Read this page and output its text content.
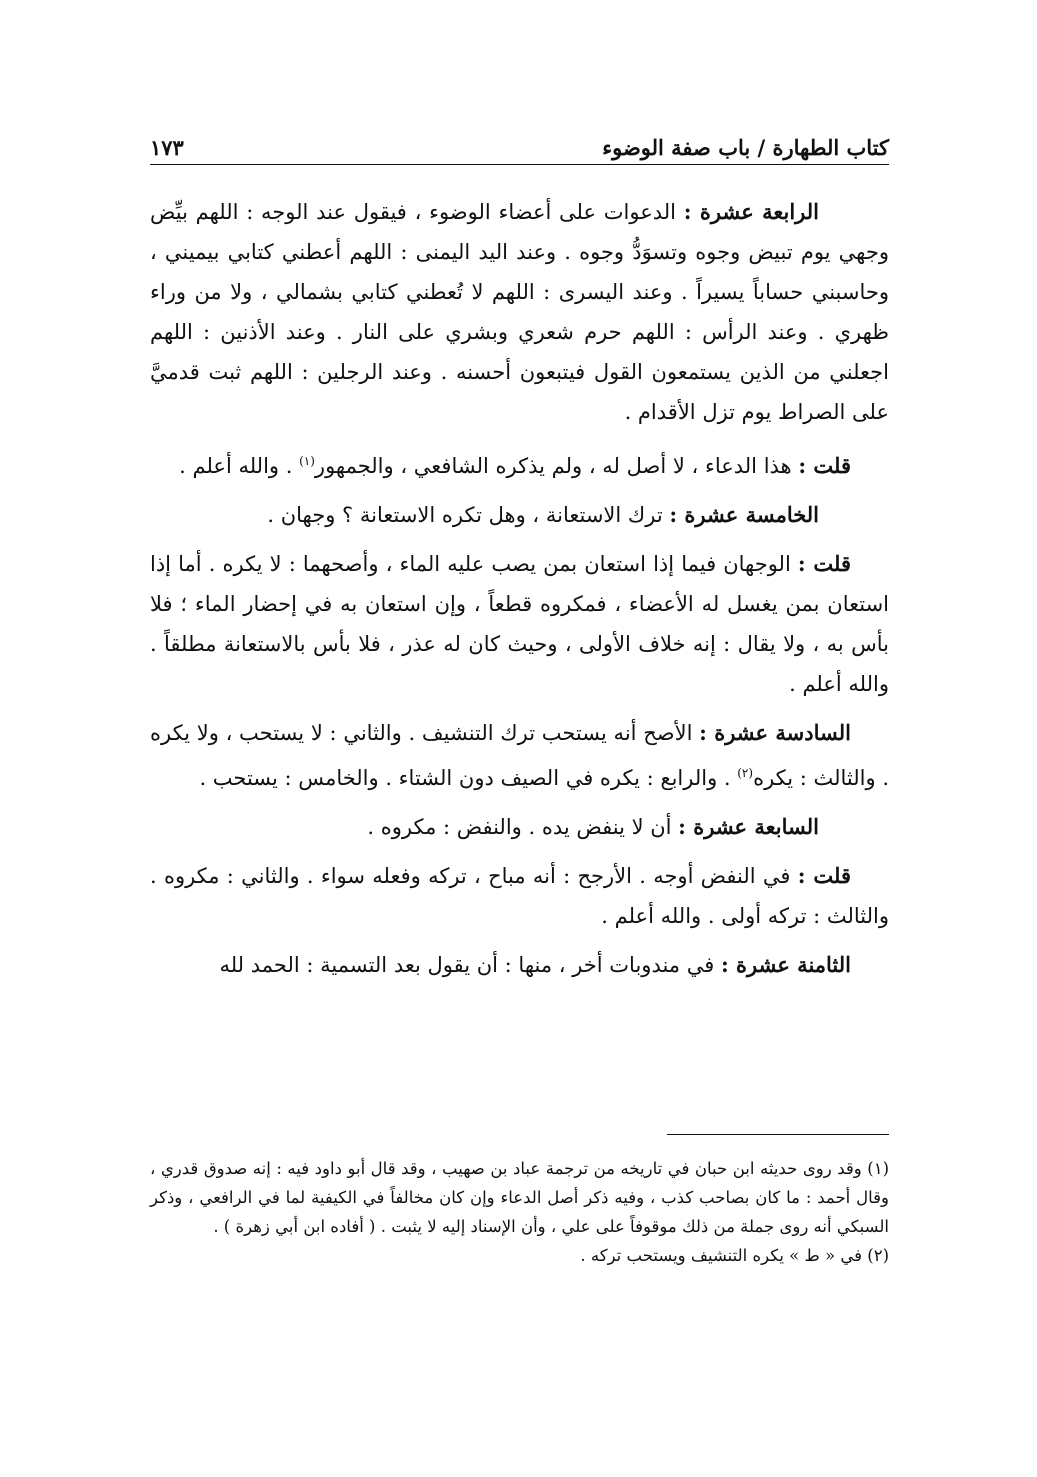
كتاب الطهارة / باب صفة الوضوء
١٧٣

الرابعة عشرة : الدعوات على أعضاء الوضوء ، فيقول عند الوجه : اللهم بيِّض وجهي يوم تبيض وجوه وتسوَدُّ وجوه . وعند اليد اليمنى : اللهم أعطني كتابي بيميني ، وحاسبني حساباً يسيراً . وعند اليسرى : اللهم لا تُعطني كتابي بشمالي ، ولا من وراء ظهري . وعند الرأس : اللهم حرم شعري وبشري على النار . وعند الأذنين : اللهم اجعلني من الذين يستمعون القول فيتبعون أحسنه . وعند الرجلين : اللهم ثبت قدميَّ على الصراط يوم تزل الأقدام .

قلت : هذا الدعاء ، لا أصل له ، ولم يذكره الشافعي ، والجمهور$^{(١)}$ . والله أعلم .

الخامسة عشرة : ترك الاستعانة ، وهل تكره الاستعانة ؟ وجهان .

قلت : الوجهان فيما إذا استعان بمن يصب عليه الماء ، وأصحهما : لا يكره . أما إذا استعان بمن يغسل له الأعضاء ، فمكروه قطعاً ، وإن استعان به في إحضار الماء ؛ فلا بأس به ، ولا يقال : إنه خلاف الأولى ، وحيث كان له عذر ، فلا بأس بالاستعانة مطلقاً . والله أعلم .

السادسة عشرة : الأصح أنه يستحب ترك التنشيف . والثاني : لا يستحب ، ولا يكره . والثالث : يكره$^{(٢)}$ . والرابع : يكره في الصيف دون الشتاء . والخامس : يستحب .

السابعة عشرة : أن لا ينفض يده . والنفض : مكروه .

قلت : في النفض أوجه . الأرجح : أنه مباح ، تركه وفعله سواء . والثاني : مكروه . والثالث : تركه أولى . والله أعلم .

الثامنة عشرة : في مندوبات أخر ، منها : أن يقول بعد التسمية : الحمد لله

(١) وقد روى حديثه ابن حبان في تاريخه من ترجمة عباد بن صهيب ، وقد قال أبو داود فيه : إنه صدوق قدري ، وقال أحمد : ما كان بصاحب كذب ، وفيه ذكر أصل الدعاء وإن كان مخالفاً في الكيفية لما في الرافعي ، وذكر السبكي أنه روى جملة من ذلك موقوفاً على علي ، وأن الإسناد إليه لا يثبت . ( أفاده ابن أبي زهرة ) .

(٢) في « ط » يكره التنشيف ويستحب تركه .
